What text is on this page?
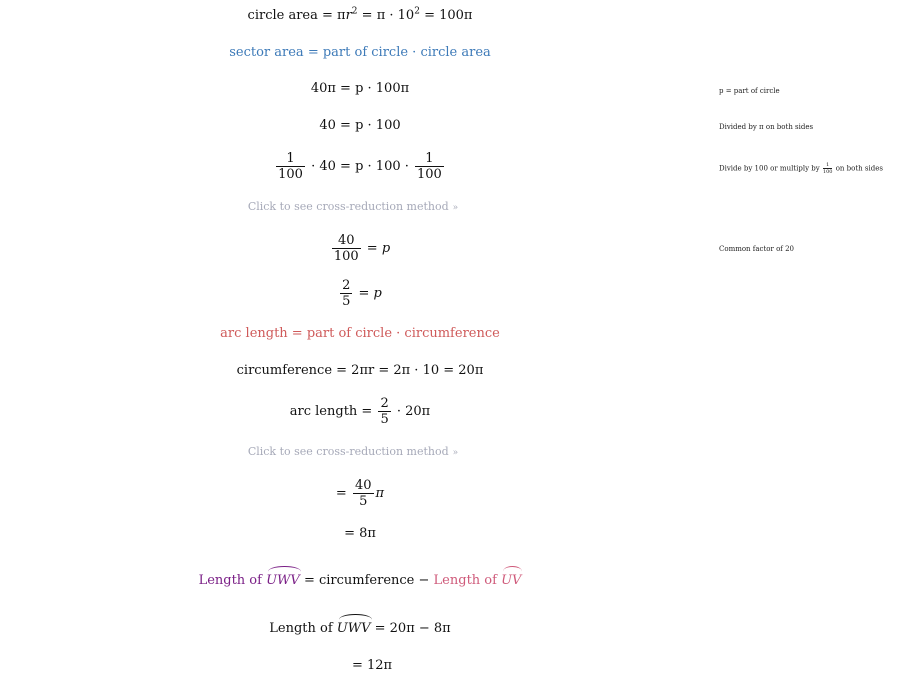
circle area = $\pi r^2 = \pi \cdot 10^2 = 100\pi$
sector area = part of circle · circle area
40π = p · 100π	p = part of circle
40 = p · 100	Divided by π on both sides
$\frac{1}{100} \cdot 40 = p \cdot 100 \cdot \frac{1}{100}$	Divide by 100 or multiply by $\frac{1}{100}$ on both sides
Click to see cross-reduction method »
$\frac{40}{100} = p$	Common factor of 20
$\frac{2}{5} = p$
arc length = part of circle · circumference
circumference = 2πr = 2π · 10 = 20π
arc length = $\frac{2}{5} \cdot 20\pi$
Click to see cross-reduction method »
= $\frac{40}{5}$ π
= 8π
Length of UWV = circumference − Length of UV
Length of UWV = 20π − 8π
= 12π
